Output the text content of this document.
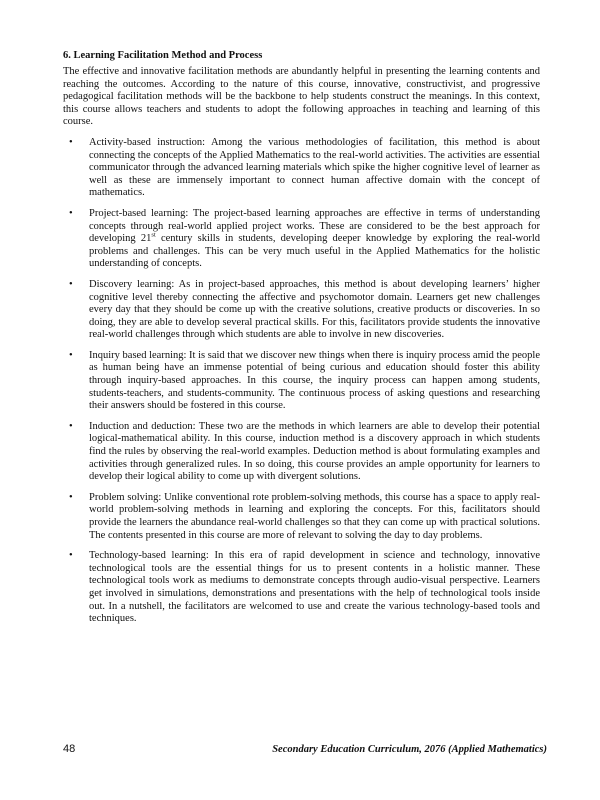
6. Learning Facilitation Method and Process

The effective and innovative facilitation methods are abundantly helpful in presenting the learning contents and reaching the outcomes. According to the nature of this course, innovative, constructivist, and progressive pedagogical facilitation methods will be the backbone to help students construct the meanings. In this context, this course allows teachers and students to adopt the following approaches in teaching and learning of this course.

• Activity-based instruction: Among the various methodologies of facilitation, this method is about connecting the concepts of the Applied Mathematics to the real-world activities. The activities are essential communicator through the advanced learning materials which spike the higher cognitive level of learner as well as these are immensely important to connect human affective domain with the concept of mathematics.
• Project-based learning: The project-based learning approaches are effective in terms of understanding concepts through real-world applied project works. These are considered to be the best approach for developing 21st century skills in students, developing deeper knowledge by exploring the real-world problems and challenges. This can be very much useful in the Applied Mathematics for the holistic understanding of concepts.
• Discovery learning: As in project-based approaches, this method is about developing learners’ higher cognitive level thereby connecting the affective and psychomotor domain. Learners get new challenges every day that they should be come up with the creative solutions, creative products or discoveries. In so doing, they are able to develop several practical skills. For this, facilitators provide students the innovative real-world challenges through which students are able to involve in new discoveries.
• Inquiry based learning: It is said that we discover new things when there is inquiry process amid the people as human being have an immense potential of being curious and education should foster this ability through inquiry-based approaches. In this course, the inquiry process can happen among students, students-teachers, and students-community. The continuous process of asking questions and researching their answers should be fostered in this course.
• Induction and deduction: These two are the methods in which learners are able to develop their potential logical-mathematical ability. In this course, induction method is a discovery approach in which students find the rules by observing the real-world examples. Deduction method is about formulating examples and activities through generalized rules. In so doing, this course provides an ample opportunity for learners to develop their logical ability to come up with divergent solutions.
• Problem solving: Unlike conventional rote problem-solving methods, this course has a space to apply real-world problem-solving methods in learning and exploring the concepts. For this, facilitators should provide the learners the abundance real-world challenges so that they can come up with practical solutions. The contents presented in this course are more of relevant to solving the day to day problems.
• Technology-based learning: In this era of rapid development in science and technology, innovative technological tools are the essential things for us to present contents in a holistic manner. These technological tools work as mediums to demonstrate concepts through audio-visual perspective. Learners get involved in simulations, demonstrations and presentations with the help of technological tools inside out. In a nutshell, the facilitators are welcomed to use and create the various technology-based tools and techniques.
48	Secondary Education Curriculum, 2076 (Applied Mathematics)
